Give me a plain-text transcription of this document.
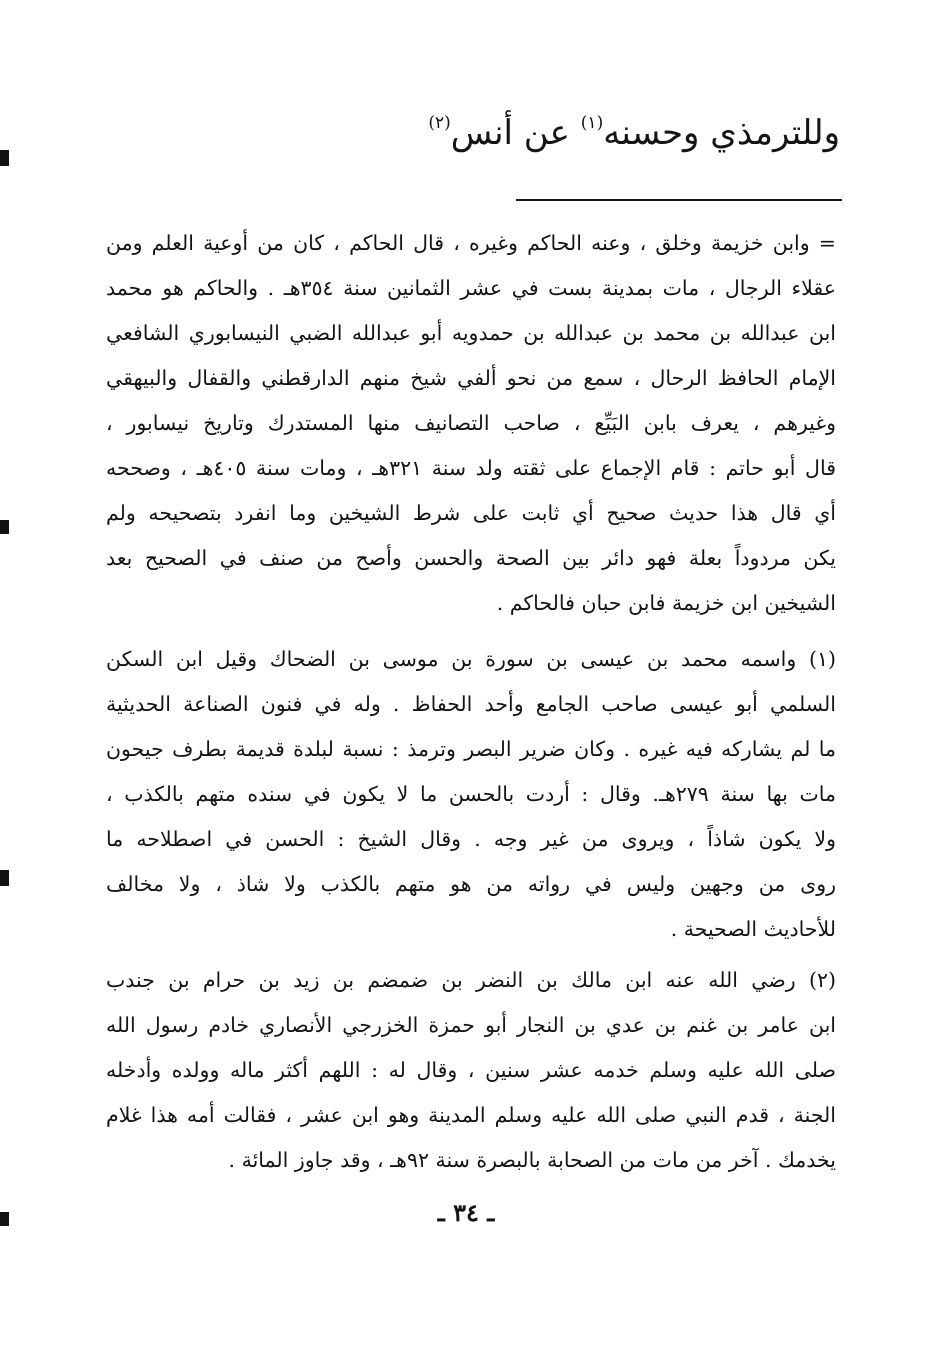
وللترمذي وحسنه$^{(١)}$ عن أنس$^{(٢)}$
= وابن خزيمة وخلق ، وعنه الحاكم وغيره ، قال الحاكم ، كان من أوعية العلم ومن
عقلاء الرجال ، مات بمدينة بست في عشر الثمانين سنة ٣٥٤هـ . والحاكم هو محمد
ابن عبدالله بن محمد بن عبدالله بن حمدويه أبو عبدالله الضبي النيسابوري الشافعي
الإمام الحافظ الرحال ، سمع من نحو ألفي شيخ منهم الدارقطني والقفال والبيهقي
وغيرهم ، يعرف بابن البَيِّع ، صاحب التصانيف منها المستدرك وتاريخ نيسابور ،
قال أبو حاتم : قام الإجماع على ثقته ولد سنة ٣٢١هـ ، ومات سنة ٤٠٥هـ ، وصححه
أي قال هذا حديث صحيح أي ثابت على شرط الشيخين وما انفرد بتصحيحه ولم
يكن مردوداً بعلة فهو دائر بين الصحة والحسن وأصح من صنف في الصحيح بعد
الشيخين ابن خزيمة فابن حبان فالحاكم .
(١) واسمه محمد بن عيسى بن سورة بن موسى بن الضحاك وقيل ابن السكن
السلمي أبو عيسى صاحب الجامع وأحد الحفاظ . وله في فنون الصناعة الحديثية
ما لم يشاركه فيه غيره . وكان ضرير البصر وترمذ : نسبة لبلدة قديمة بطرف جيحون
مات بها سنة ٢٧٩هـ. وقال : أردت بالحسن ما لا يكون في سنده متهم بالكذب ،
ولا يكون شاذاً ، ويروى من غير وجه . وقال الشيخ : الحسن في اصطلاحه ما
روى من وجهين وليس في رواته من هو متهم بالكذب ولا شاذ ، ولا مخالف
للأحاديث الصحيحة .
(٢) رضي الله عنه ابن مالك بن النضر بن ضمضم بن زيد بن حرام بن جندب
ابن عامر بن غنم بن عدي بن النجار أبو حمزة الخزرجي الأنصاري خادم رسول الله
صلى الله عليه وسلم خدمه عشر سنين ، وقال له : اللهم أكثر ماله وولده وأدخله
الجنة ، قدم النبي صلى الله عليه وسلم المدينة وهو ابن عشر ، فقالت أمه هذا غلام
يخدمك . آخر من مات من الصحابة بالبصرة سنة ٩٢هـ ، وقد جاوز المائة .
ـ ٣٤ ـ
